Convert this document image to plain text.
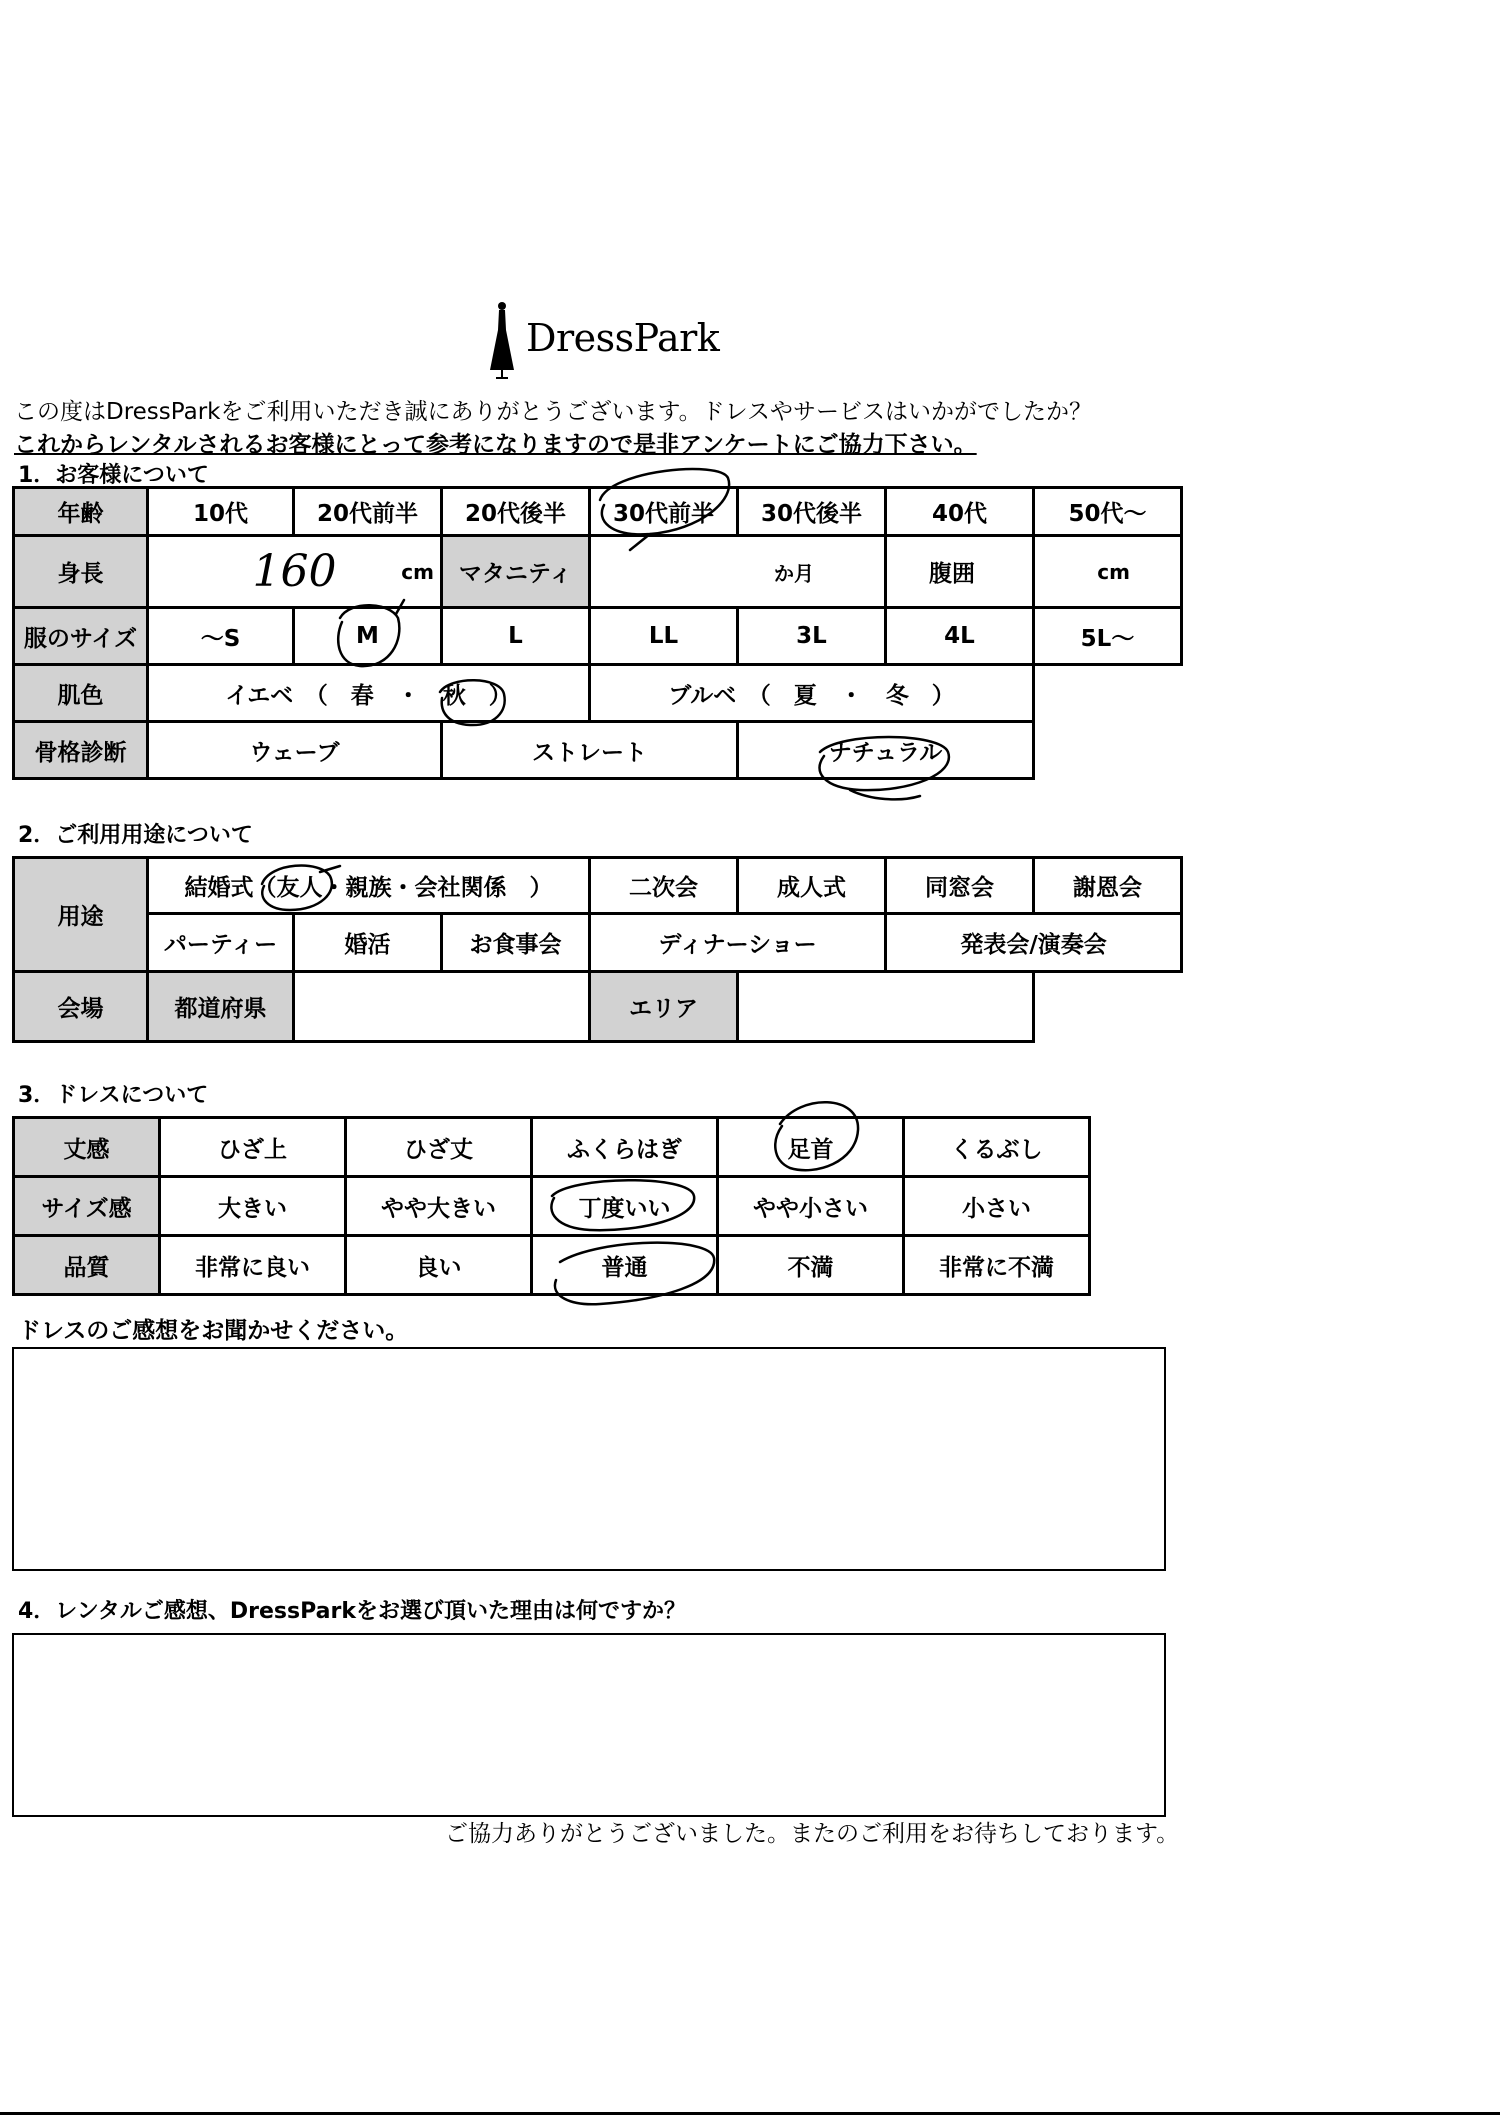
DressPark
この度はDressParkをご利用いただき誠にありがとうございます。ドレスやサービスはいかがでしたか？
これからレンタルされるお客様にとって参考になりますので是非アンケートにご協力下さい。
1．お客様について
年齢	10代	20代前半	20代後半	30代前半	30代後半	40代	50代～
身長	160 cm		マタニティ	か月		腹囲	cm

服のサイズ	～S	M	L	LL	3L	4L	5L～
肌色	イエベ　（　春　・　秋　）			ブルベ　（　夏　・　冬　）			
骨格診断	ウェーブ		ストレート		ナチュラル		
2．ご利用用途について
用途	結婚式（友人・親族・会社関係　）			二次会	成人式	同窓会	謝恩会
	パーティー	婚活	お食事会	ディナーショー		発表会/演奏会	
会場	都道府県			エリア			
3．ドレスについて
丈感	ひざ上	ひざ丈	ふくらはぎ	足首	くるぶし
サイズ感	大きい	やや大きい	丁度いい	やや小さい	小さい
品質	非常に良い	良い	普通	不満	非常に不満
ドレスのご感想をお聞かせください。
4．レンタルご感想、DressParkをお選び頂いた理由は何ですか？
ご協力ありがとうございました。またのご利用をお待ちしております。
